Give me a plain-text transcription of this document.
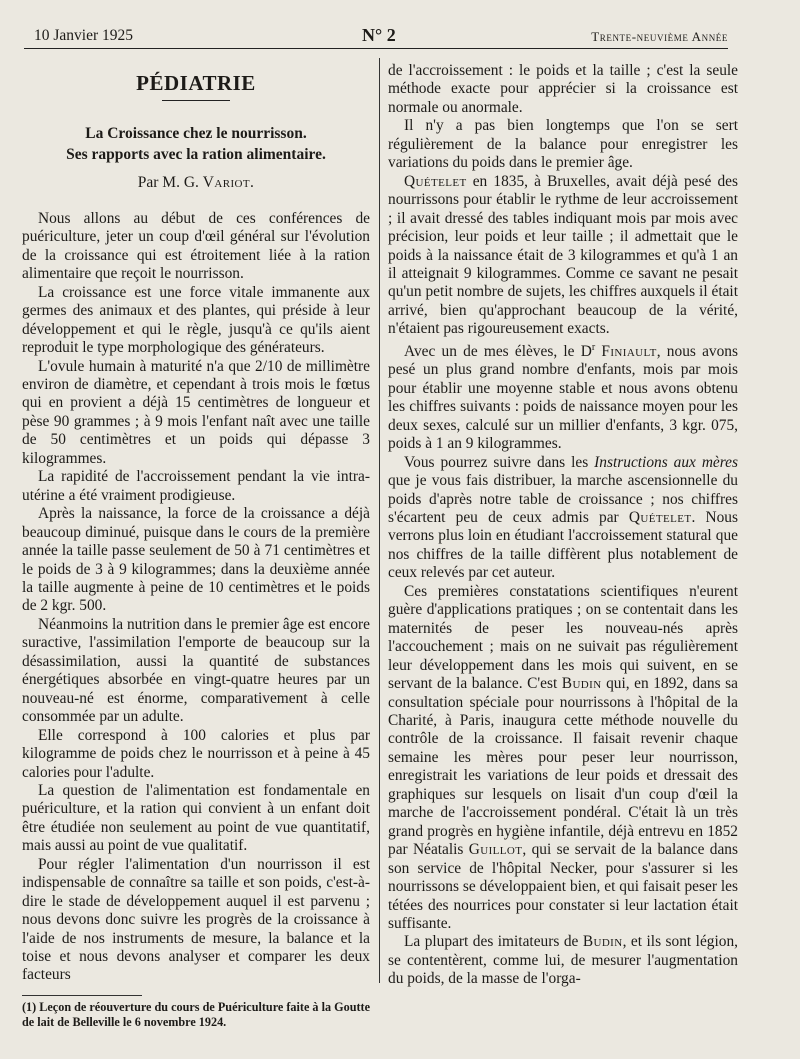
10 Janvier 1925	N° 2	Trente-neuvième Année
PÉDIATRIE

La Croissance chez le nourrisson.
Ses rapports avec la ration alimentaire.

Par M. G. Variot.

Nous allons au début de ces conférences de puériculture, jeter un coup d'œil général sur l'évolution de la croissance qui est étroitement liée à la ration alimentaire que reçoit le nourrisson.

La croissance est une force vitale immanente aux germes des animaux et des plantes, qui préside à leur développement et qui le règle, jusqu'à ce qu'ils aient reproduit le type morphologique des générateurs.

L'ovule humain à maturité n'a que 2/10 de millimètre environ de diamètre, et cependant à trois mois le fœtus qui en provient a déjà 15 centimètres de longueur et pèse 90 grammes ; à 9 mois l'enfant naît avec une taille de 50 centimètres et un poids qui dépasse 3 kilogrammes.

La rapidité de l'accroissement pendant la vie intra-utérine a été vraiment prodigieuse.

Après la naissance, la force de la croissance a déjà beaucoup diminué, puisque dans le cours de la première année la taille passe seulement de 50 à 71 centimètres et le poids de 3 à 9 kilogrammes; dans la deuxième année la taille augmente à peine de 10 centimètres et le poids de 2 kgr. 500.

Néanmoins la nutrition dans le premier âge est encore suractive, l'assimilation l'emporte de beaucoup sur la désassimilation, aussi la quantité de substances énergétiques absorbée en vingt-quatre heures par un nouveau-né est énorme, comparativement à celle consommée par un adulte.

Elle correspond à 100 calories et plus par kilogramme de poids chez le nourrisson et à peine à 45 calories pour l'adulte.

La question de l'alimentation est fondamentale en puériculture, et la ration qui convient à un enfant doit être étudiée non seulement au point de vue quantitatif, mais aussi au point de vue qualitatif.

Pour régler l'alimentation d'un nourrisson il est indispensable de connaître sa taille et son poids, c'est-à-dire le stade de développement auquel il est parvenu ; nous devons donc suivre les progrès de la croissance à l'aide de nos instruments de mesure, la balance et la toise et nous devons analyser et comparer les deux facteurs

(1) Leçon de réouverture du cours de Puériculture faite à la Goutte de lait de Belleville le 6 novembre 1924.

de l'accroissement : le poids et la taille ; c'est la seule méthode exacte pour apprécier si la croissance est normale ou anormale.

Il n'y a pas bien longtemps que l'on se sert régulièrement de la balance pour enregistrer les variations du poids dans le premier âge.

Quételet en 1835, à Bruxelles, avait déjà pesé des nourrissons pour établir le rythme de leur accroissement ; il avait dressé des tables indiquant mois par mois avec précision, leur poids et leur taille ; il admettait que le poids à la naissance était de 3 kilogrammes et qu'à 1 an il atteignait 9 kilogrammes. Comme ce savant ne pesait qu'un petit nombre de sujets, les chiffres auxquels il était arrivé, bien qu'approchant beaucoup de la vérité, n'étaient pas rigoureusement exacts.

Avec un de mes élèves, le $D^r$ Finiault, nous avons pesé un plus grand nombre d'enfants, mois par mois pour établir une moyenne stable et nous avons obtenu les chiffres suivants : poids de naissance moyen pour les deux sexes, calculé sur un millier d'enfants, 3 kgr. 075, poids à 1 an 9 kilogrammes.

Vous pourrez suivre dans les Instructions aux mères que je vous fais distribuer, la marche ascensionnelle du poids d'après notre table de croissance ; nos chiffres s'écartent peu de ceux admis par Quételet. Nous verrons plus loin en étudiant l'accroissement statural que nos chiffres de la taille diffèrent plus notablement de ceux relevés par cet auteur.

Ces premières constatations scientifiques n'eurent guère d'applications pratiques ; on se contentait dans les maternités de peser les nouveau-nés après l'accouchement ; mais on ne suivait pas régulièrement leur développement dans les mois qui suivent, en se servant de la balance. C'est Budin qui, en 1892, dans sa consultation spéciale pour nourrissons à l'hôpital de la Charité, à Paris, inaugura cette méthode nouvelle du contrôle de la croissance. Il faisait revenir chaque semaine les mères pour peser leur nourrisson, enregistrait les variations de leur poids et dressait des graphiques sur lesquels on lisait d'un coup d'œil la marche de l'accroissement pondéral. C'était là un très grand progrès en hygiène infantile, déjà entrevu en 1852 par Néatalis Guillot, qui se servait de la balance dans son service de l'hôpital Necker, pour s'assurer si les nourrissons se développaient bien, et qui faisait peser les tétées des nourrices pour constater si leur lactation était suffisante.

La plupart des imitateurs de Budin, et ils sont légion, se contentèrent, comme lui, de mesurer l'augmentation du poids, de la masse de l'orga-
